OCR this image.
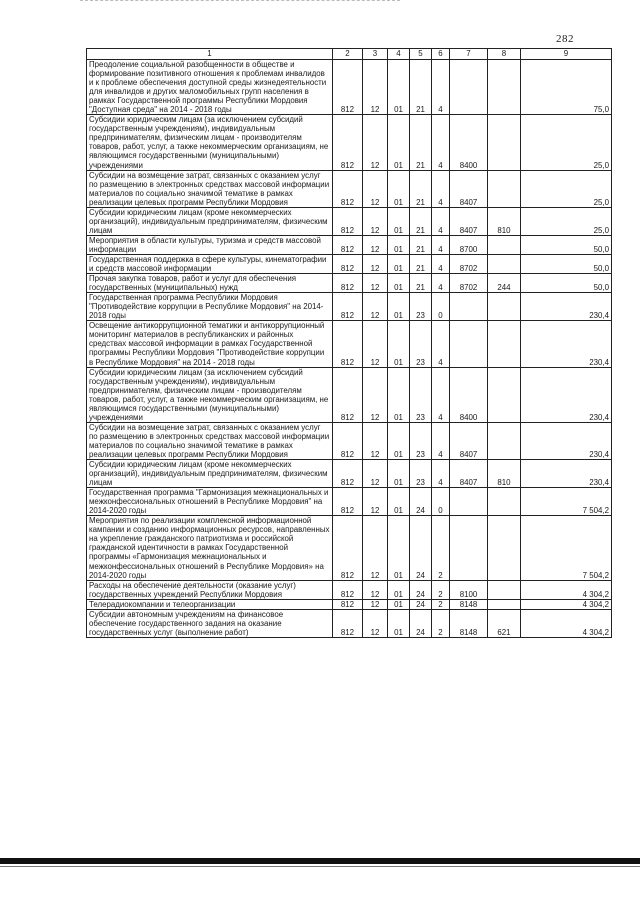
282
1	2	3	4	5	6	7	8	9
Преодоление социальной разобщенности в обществе и формирование позитивного отношения к проблемам инвалидов и к проблеме обеспечения доступной среды жизнедеятельности для инвалидов и других маломобильных групп населения в рамках Государственной программы Республики Мордовия "Доступная среда" на 2014 - 2018 годы	812	12	01	21	4			75,0
Субсидии юридическим лицам (за исключением субсидий государственным учреждениям), индивидуальным предпринимателям, физическим лицам - производителям товаров, работ, услуг, а также некоммерческим организациям, не являющимся государственными (муниципальными) учреждениями	812	12	01	21	4	8400		25,0
Субсидии на возмещение затрат, связанных с оказанием услуг по размещению в электронных средствах массовой информации материалов по социально значимой тематике в рамках реализации целевых программ Республики Мордовия	812	12	01	21	4	8407		25,0
Субсидии юридическим лицам (кроме некоммерческих организаций), индивидуальным предпринимателям, физическим лицам	812	12	01	21	4	8407	810	25,0
Мероприятия в области культуры, туризма и средств массовой информации	812	12	01	21	4	8700		50,0
Государственная поддержка в сфере культуры, кинематографии и средств массовой информации	812	12	01	21	4	8702		50,0
Прочая закупка товаров, работ и услуг для обеспечения государственных (муниципальных) нужд	812	12	01	21	4	8702	244	50,0
Государственная программа Республики Мордовия "Противодействие коррупции в Республике Мордовия" на 2014-2018 годы	812	12	01	23	0			230,4
Освещение антикоррупционной тематики и антикоррупционный мониторинг материалов в республиканских и районных средствах массовой информации в рамках Государственной программы Республики Мордовия "Противодействие коррупции в Республике Мордовия" на 2014 - 2018 годы	812	12	01	23	4			230,4
Субсидии юридическим лицам (за исключением субсидий государственным учреждениям), индивидуальным предпринимателям, физическим лицам - производителям товаров, работ, услуг, а также некоммерческим организациям, не являющимся государственными (муниципальными) учреждениями	812	12	01	23	4	8400		230,4
Субсидии на возмещение затрат, связанных с оказанием услуг по размещению в электронных средствах массовой информации материалов по социально значимой тематике в рамках реализации целевых программ Республики Мордовия	812	12	01	23	4	8407		230,4
Субсидии юридическим лицам (кроме некоммерческих организаций), индивидуальным предпринимателям, физическим лицам	812	12	01	23	4	8407	810	230,4
Государственная программа "Гармонизация межнациональных и межконфессиональных отношений в Республике Мордовия" на 2014-2020 годы	812	12	01	24	0			7 504,2
Мероприятия по реализации комплексной информационной кампании и созданию информационных ресурсов, направленных на укрепление гражданского патриотизма и российской гражданской идентичности в рамках Государственной программы «Гармонизация межнациональных и межконфессиональных отношений в Республике Мордовия» на 2014-2020 годы	812	12	01	24	2			7 504,2
Расходы на обеспечение деятельности (оказание услуг) государственных учреждений Республики Мордовия	812	12	01	24	2	8100		4 304,2
Телерадиокомпании и телеорганизации	812	12	01	24	2	8148		4 304,2
Субсидии автономным учреждениям на финансовое обеспечение государственного задания на оказание государственных услуг (выполнение работ)	812	12	01	24	2	8148	621	4 304,2
